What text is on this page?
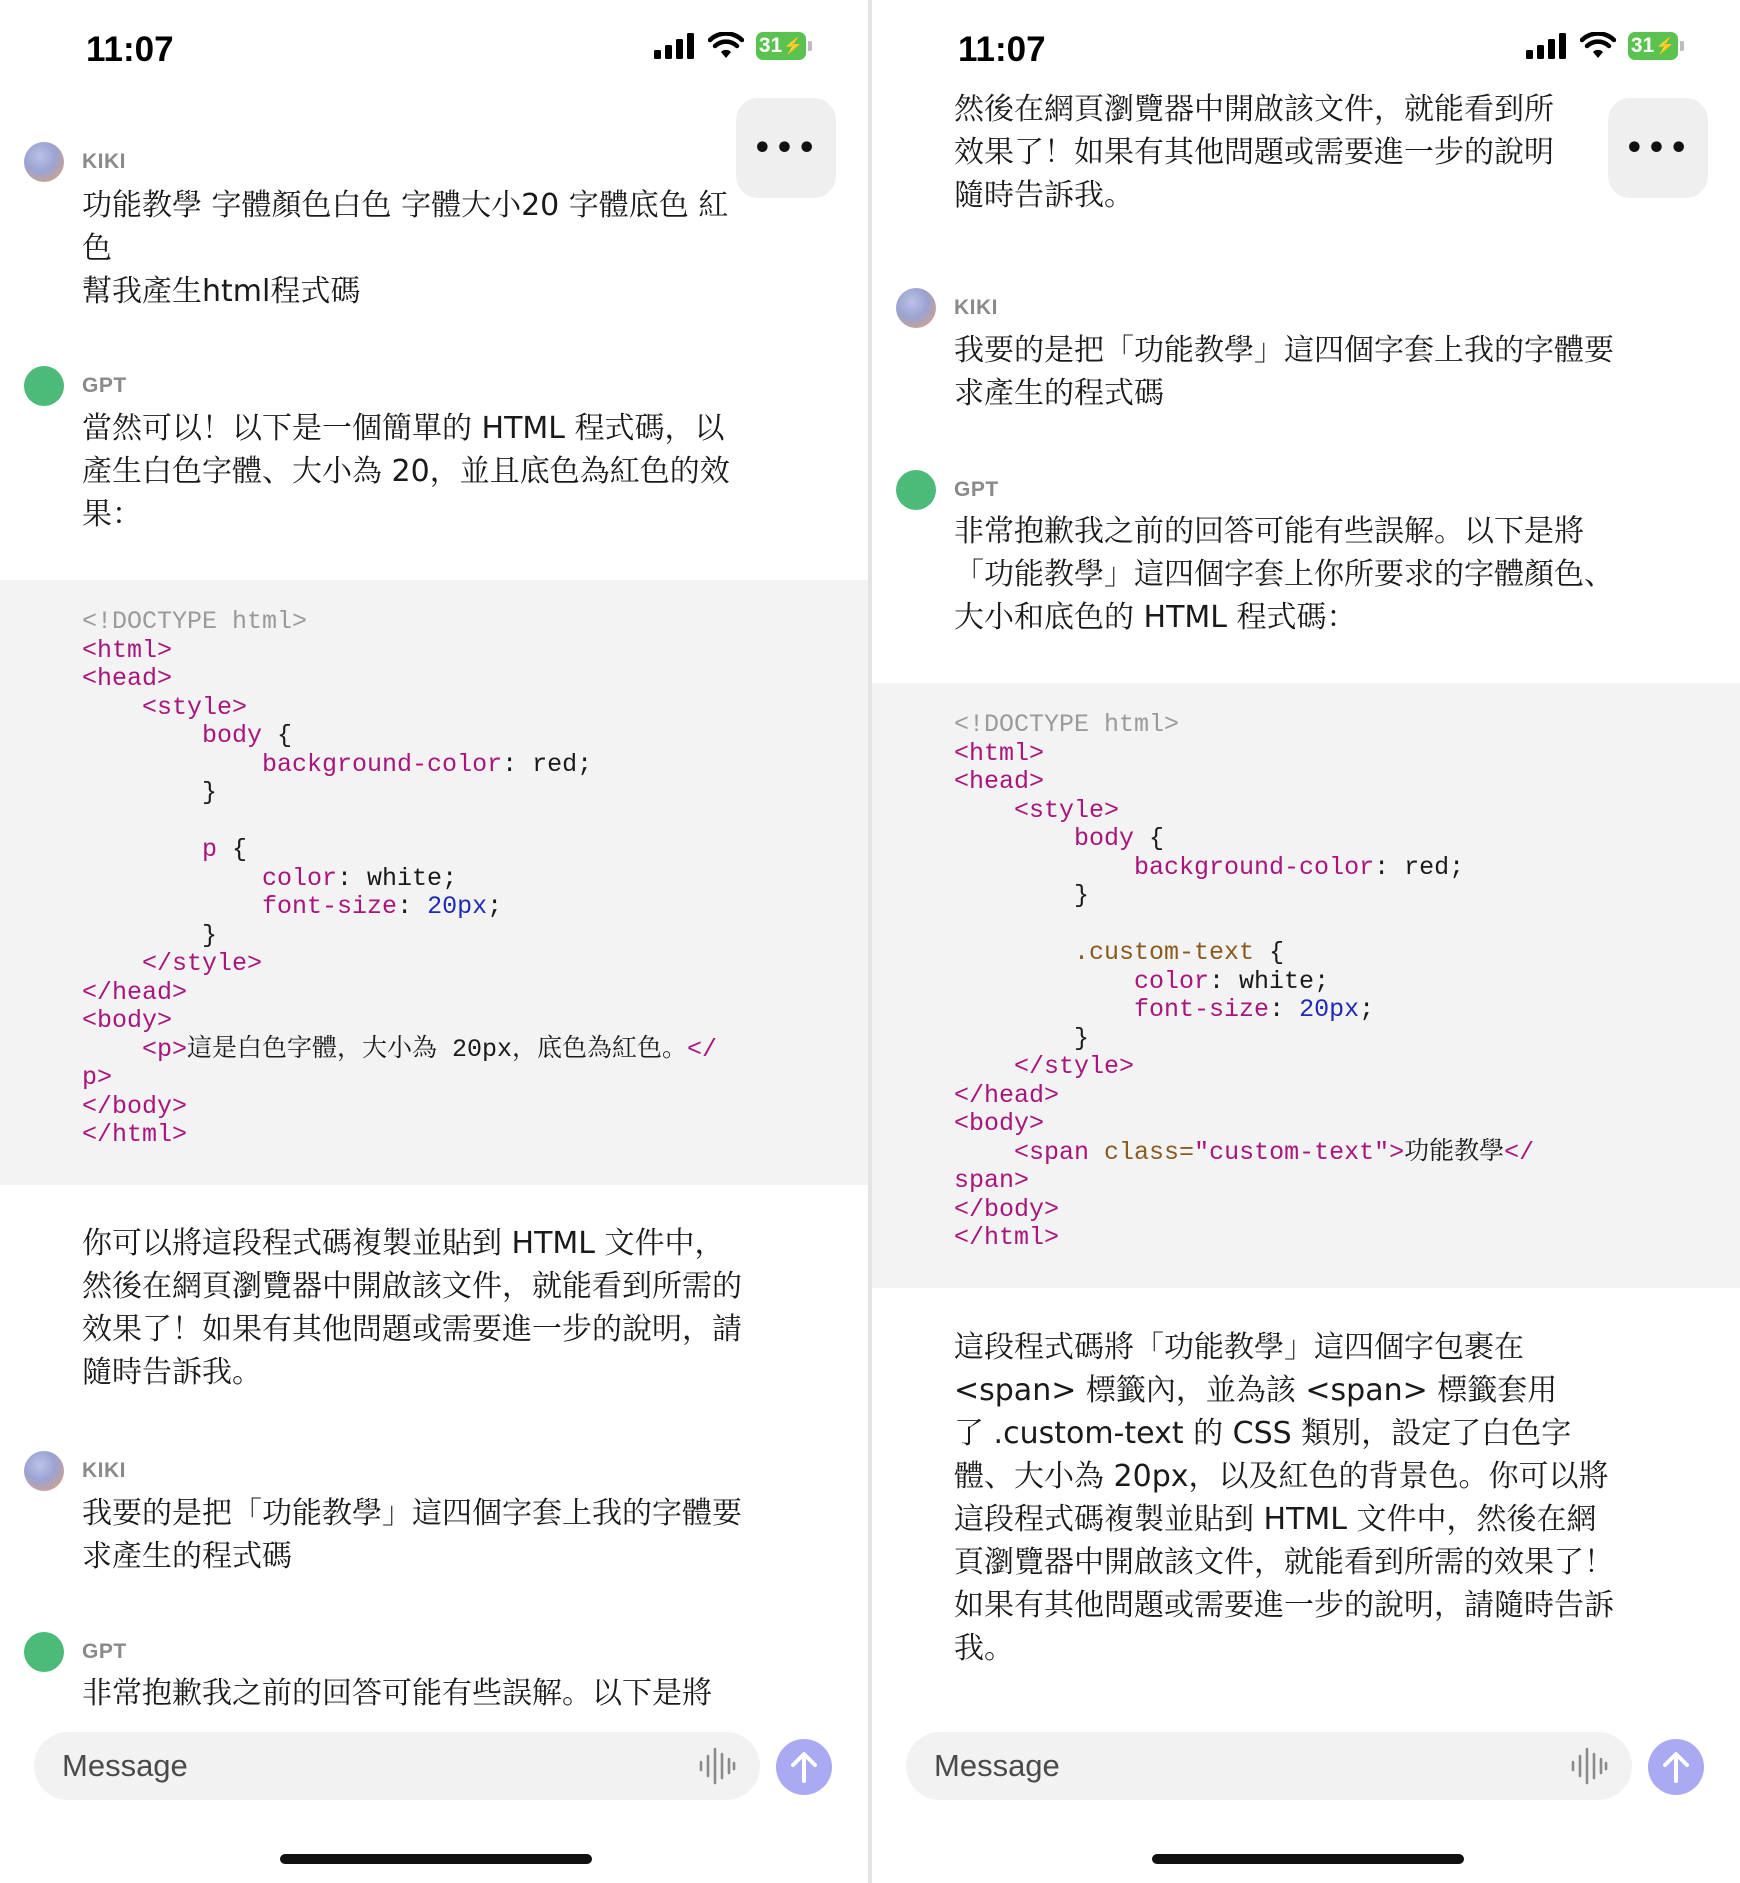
11:07	31 ⚡
•••
KIKI
功能教學 字體顏色白色 字體大小20 字體底色 紅
色
幫我產生html程式碼
GPT
當然可以！以下是一個簡單的 HTML 程式碼，以
產生白色字體、大小為 20，並且底色為紅色的效
果：
<!DOCTYPE html>
<html>
<head>
<style>
body {
background-color: red;
}

p {
color: white;
font-size: 20px;
}
</style>
</head>
<body>
<p>這是白色字體，大小為 20px，底色為紅色。</
p>
</body>
</html>
你可以將這段程式碼複製並貼到 HTML 文件中，
然後在網頁瀏覽器中開啟該文件，就能看到所需的
效果了！如果有其他問題或需要進一步的說明，請
隨時告訴我。
KIKI
我要的是把「功能教學」這四個字套上我的字體要
求產生的程式碼
GPT
非常抱歉我之前的回答可能有些誤解。以下是將
Message
然後在網頁瀏覽器中開啟該文件，就能看到所
效果了！如果有其他問題或需要進一步的說明
隨時告訴我。
11:07	31 ⚡
•••
KIKI
我要的是把「功能教學」這四個字套上我的字體要
求產生的程式碼
GPT
非常抱歉我之前的回答可能有些誤解。以下是將
「功能教學」這四個字套上你所要求的字體顏色、
大小和底色的 HTML 程式碼：
<!DOCTYPE html>
<html>
<head>
<style>
body {
background-color: red;
}

.custom-text {
color: white;
font-size: 20px;
}
</style>
</head>
<body>
<span class="custom-text">功能教學</
span>
</body>
</html>
這段程式碼將「功能教學」這四個字包裹在
<span> 標籤內，並為該 <span> 標籤套用
了 .custom-text 的 CSS 類別，設定了白色字
體、大小為 20px，以及紅色的背景色。你可以將
這段程式碼複製並貼到 HTML 文件中，然後在網
頁瀏覽器中開啟該文件，就能看到所需的效果了！
如果有其他問題或需要進一步的說明，請隨時告訴
我。
Message
